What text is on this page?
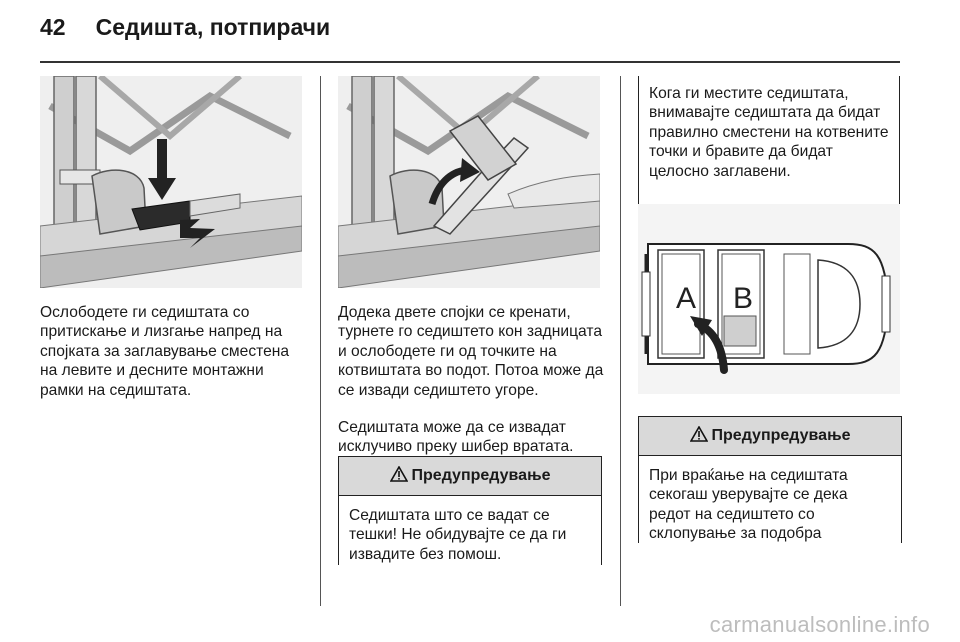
42 Седишта, потпирачи

Ослободете ги седиштата со притискање и лизгање напред на спојката за заглавување сместена на левите и десните монтажни рамки на седиштата.

Додека двете спојки се кренати, турнете го седиштето кон задницата и ослободете ги од точките на котвиштата во подот. Потоа може да се извади седиштето угоре.

Седиштата може да се извадат исклучиво преку шибер вратата.

Предупредување
Седиштата што се вадат се тешки! Не обидувајте се да ги извадите без помош.
Кога ги местите седиштата, внимавајте седиштата да бидат правилно сместени на котвените точки и бравите да бидат целосно заглавени.
A B
Предупредување
При враќање на седиштата секогаш уверувајте се дека редот на седиштето со склопување за подобра
carmanualsonline.info
